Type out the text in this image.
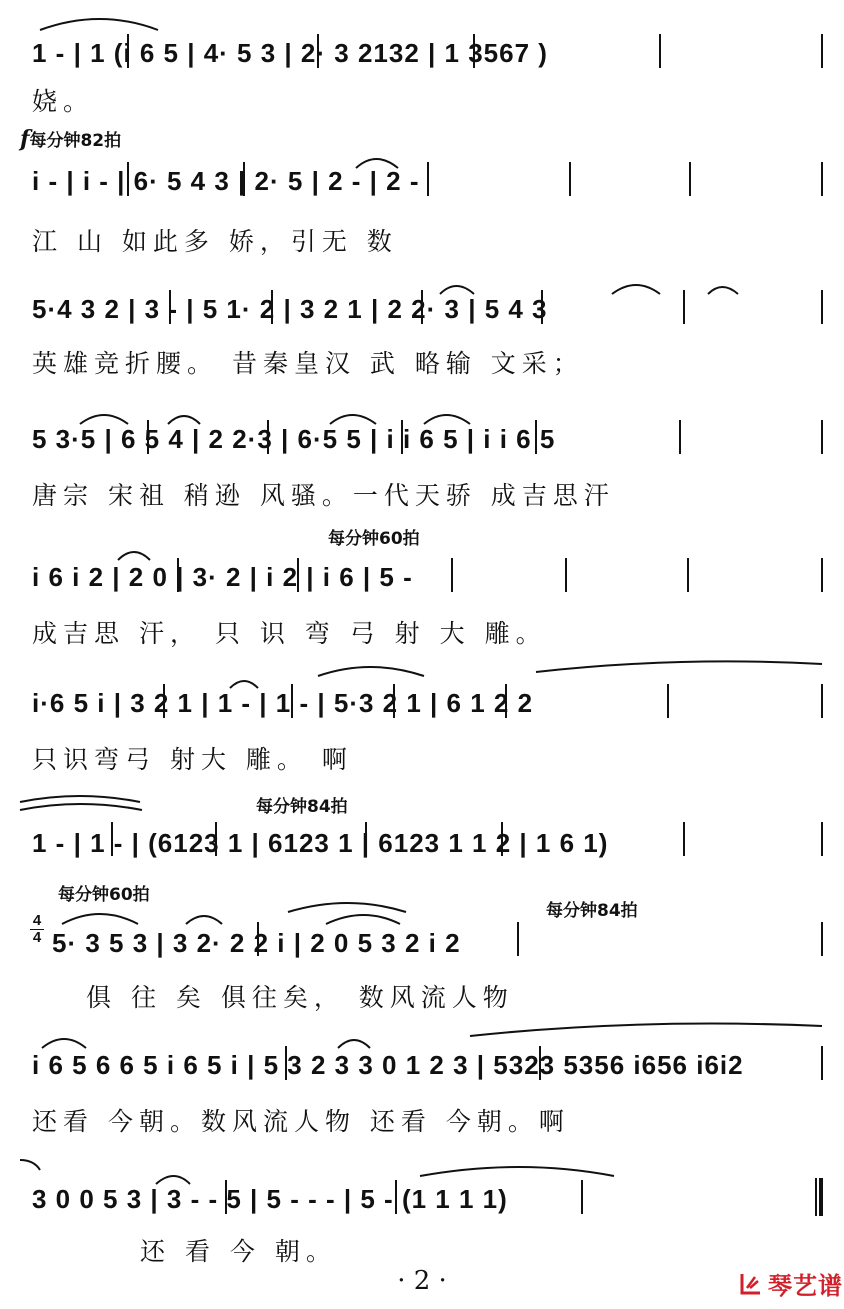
1 - | 1 (i 6 5 | 4· 5 3 | 2· 3 2132 | 1 3567 )
娆。
f每分钟82拍
i - | i - | 6· 5 4 3 | 2· 5 | 2 - | 2 -
江 山 如此多 娇，引无 数
5·4 3 2 | 3 - | 5 1· 2 | 3 2 1 | 2 2· 3 | 5 4 3
英雄竞折腰。 昔秦皇汉 武 略输 文采；
5 3·5 | 6 5 4 | 2 2·3 | 6·5 5 | i i 6 5 | i i 6 5
唐宗 宋祖 稍逊 风骚。一代天骄 成吉思汗
每分钟60拍
i 6 i 2 | 2 0 | 3· 2 | i 2 | i 6 | 5 -
成吉思 汗， 只 识 弯 弓 射 大 雕。
i·6 5 i | 3 2 1 | 1 - | 1 - | 5·3 2 1 | 6 1 2 2
只识弯弓 射大 雕。 啊
每分钟84拍
1 - | 1 - | (6123 1 | 6123 1 | 6123 1 1 2 | 1 6 1)
每分钟60拍
每分钟84拍
4
4 5· 3 5 3 | 3 2· 2 2 i | 2 0 5 3 2 i 2
俱 往 矣 俱往矣， 数风流人物
i 6 5 6 6 5 i 6 5 i | 5 3 2 3 3 0 1 2 3 | 5323 5356 i656 i6i2
还看 今朝。数风流人物 还看 今朝。啊
3 0 0 5 3 | 3 - - 5 | 5 - - - | 5 - (1 1 1 1)
还 看 今 朝。
· 2 ·	琴艺谱
